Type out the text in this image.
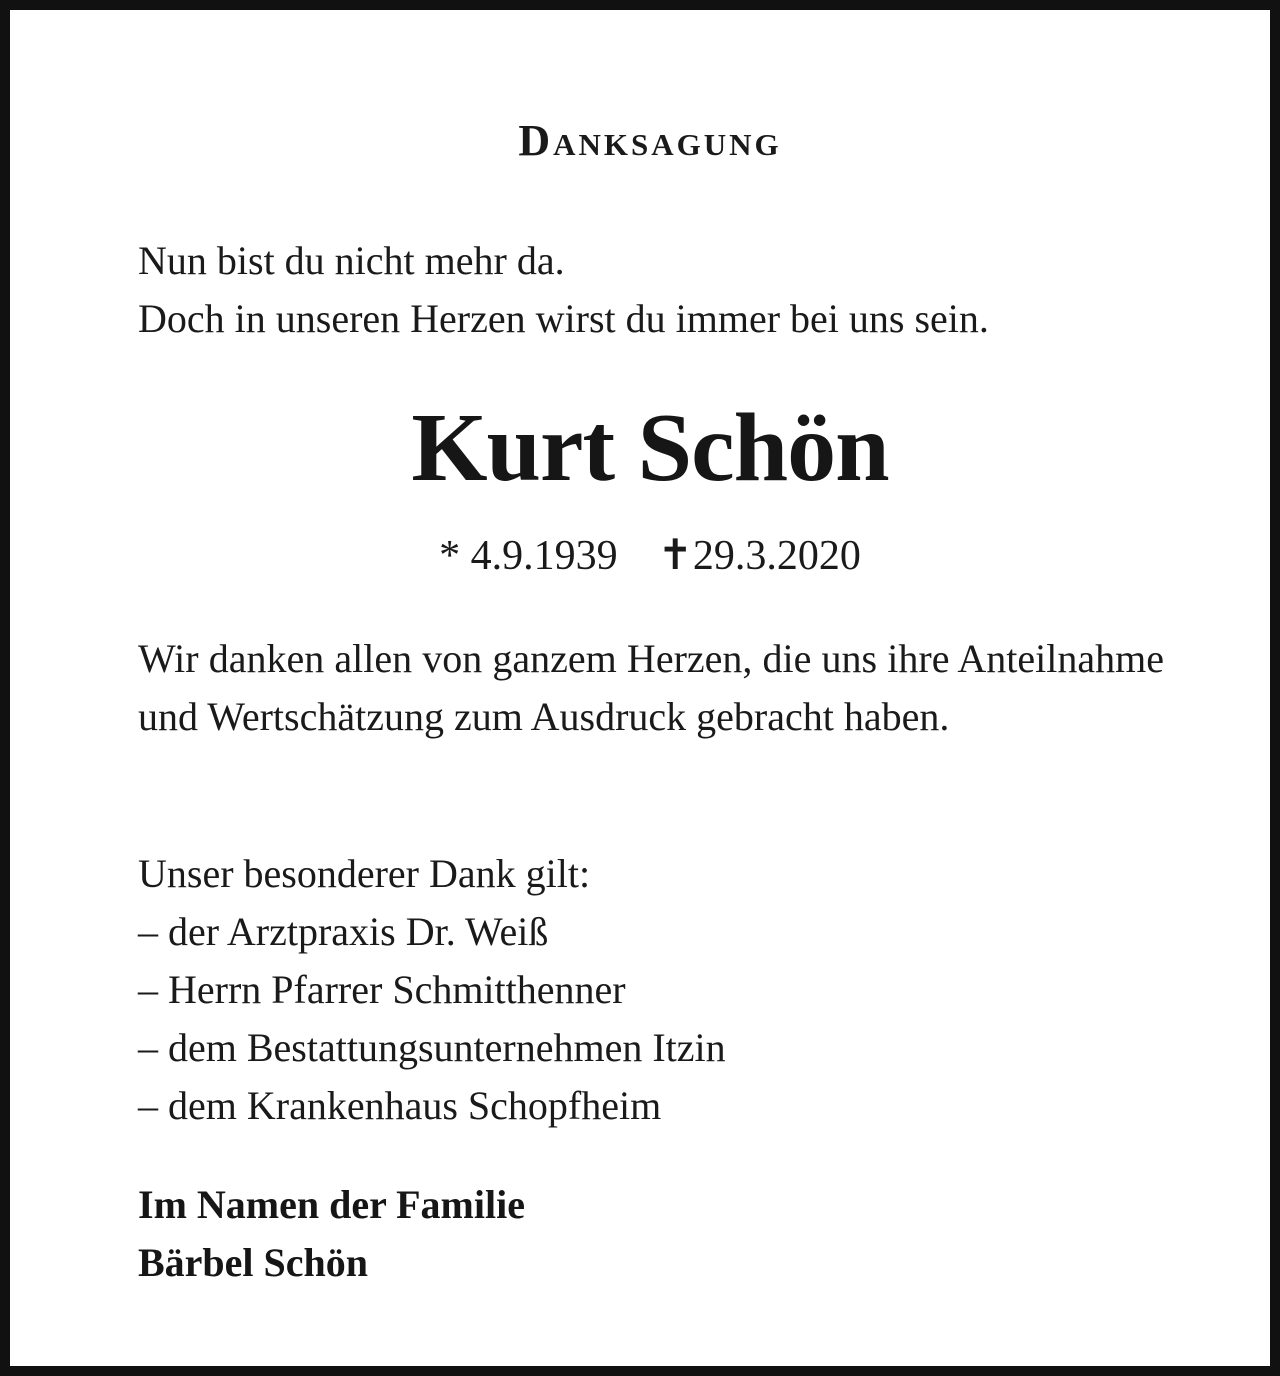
Danksagung
Nun bist du nicht mehr da.
Doch in unseren Herzen wirst du immer bei uns sein.
Kurt Schön
* 4.9.1939 ✝29.3.2020
Wir danken allen von ganzem Herzen, die uns ihre Anteilnahme und Wertschätzung zum Ausdruck gebracht haben.
Unser besonderer Dank gilt:
– der Arztpraxis Dr. Weiß
– Herrn Pfarrer Schmitthenner
– dem Bestattungsunternehmen Itzin
– dem Krankenhaus Schopfheim
Im Namen der Familie
Bärbel Schön
